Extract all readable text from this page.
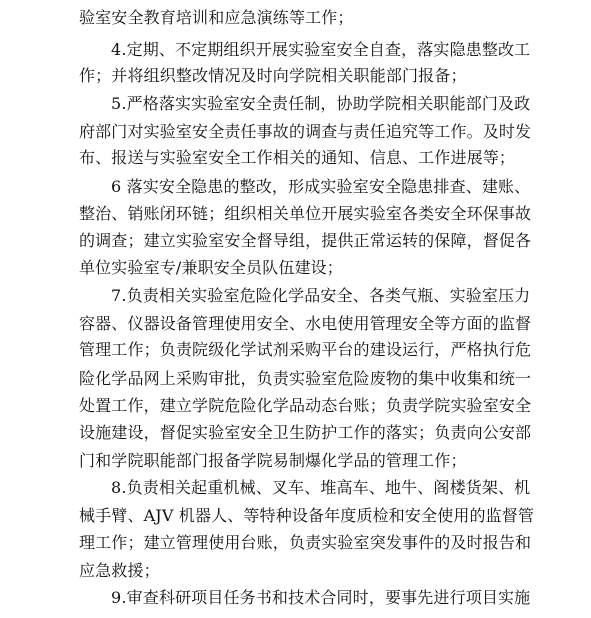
验室安全教育培训和应急演练等工作；
4.定期、不定期组织开展实验室安全自查，落实隐患整改工
作；并将组织整改情况及时向学院相关职能部门报备；
5.严格落实实验室安全责任制，协助学院相关职能部门及政
府部门对实验室安全责任事故的调查与责任追究等工作。及时发
布、报送与实验室安全工作相关的通知、信息、工作进展等；
6 落实安全隐患的整改，形成实验室安全隐患排查、建账、
整治、销账闭环链；组织相关单位开展实验室各类安全环保事故
的调查；建立实验室安全督导组，提供正常运转的保障，督促各
单位实验室专/兼职安全员队伍建设；
7.负责相关实验室危险化学品安全、各类气瓶、实验室压力
容器、仪器设备管理使用安全、水电使用管理安全等方面的监督
管理工作；负责院级化学试剂采购平台的建设运行，严格执行危
险化学品网上采购审批，负责实验室危险废物的集中收集和统一
处置工作，建立学院危险化学品动态台账；负责学院实验室安全
设施建设，督促实验室安全卫生防护工作的落实；负责向公安部
门和学院职能部门报备学院易制爆化学品的管理工作；
8.负责相关起重机械、叉车、堆高车、地牛、阁楼货架、机
械手臂、AJV 机器人、等特种设备年度质检和安全使用的监督管
理工作；建立管理使用台账，负责实验室突发事件的及时报告和
应急救援；
9.审查科研项目任务书和技术合同时，要事先进行项目实施
